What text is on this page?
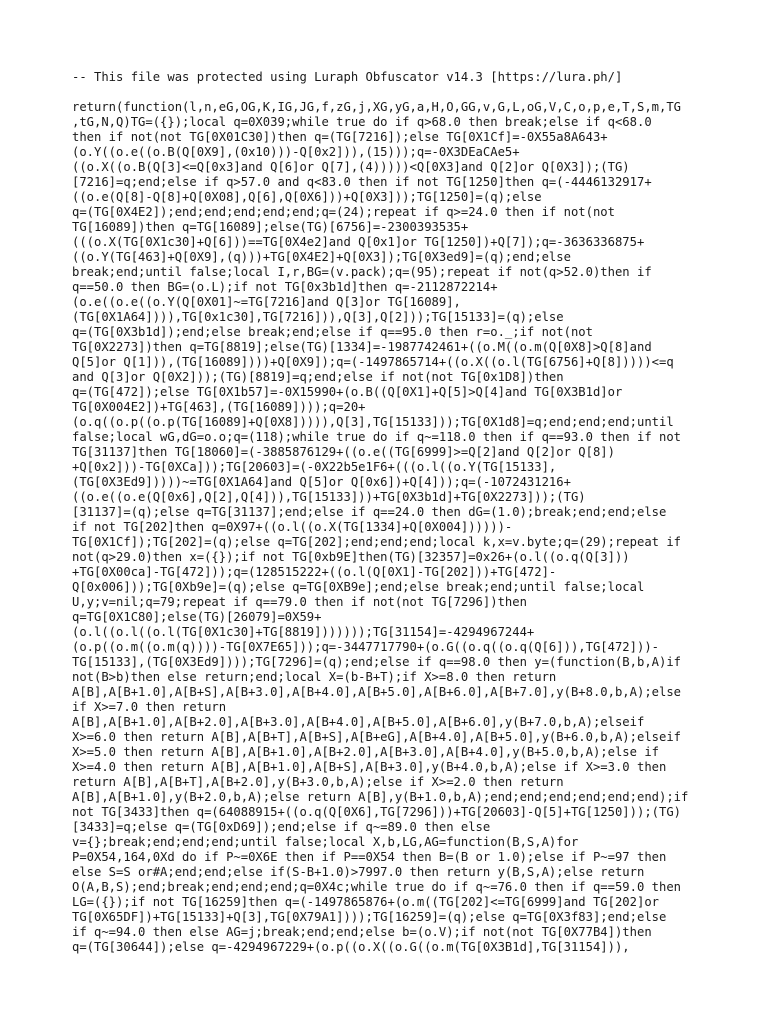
-- This file was protected using Luraph Obfuscator v14.3 [https://lura.ph/]
return(function(l,n,eG,OG,K,IG,JG,f,zG,j,XG,yG,a,H,O,GG,v,G,L,oG,V,C,o,p,e,T,S,m,TG
,tG,N,Q)TG=({});local q=0X039;while true do if q>68.0 then break;else if q<68.0
then if not(not TG[0X01C30])then q=(TG[7216]);else TG[0X1Cf]=-0X55a8A643+
(o.Y((o.e((o.B(Q[0X9],(0x10)))-Q[0x2])),(15)));q=-0X3DEaCAe5+
((o.X((o.B(Q[3]<=Q[0x3]and Q[6]or Q[7],(4)))))<Q[0X3]and Q[2]or Q[0X3]);(TG)
[7216]=q;end;else if q>57.0 and q<83.0 then if not TG[1250]then q=(-4446132917+
((o.e(Q[8]-Q[8]+Q[0X08],Q[6],Q[0X6]))+Q[0X3]));TG[1250]=(q);else
q=(TG[0X4E2]);end;end;end;end;end;q=(24);repeat if q>=24.0 then if not(not
TG[16089])then q=TG[16089];else(TG)[6756]=-2300393535+
(((o.X(TG[0X1c30]+Q[6]))==TG[0X4e2]and Q[0x1]or TG[1250])+Q[7]);q=-3636336875+
((o.Y(TG[463]+Q[0X9],(q)))+TG[0X4E2]+Q[0X3]);TG[0X3ed9]=(q);end;else
break;end;until false;local I,r,BG=(v.pack);q=(95);repeat if not(q>52.0)then if
q==50.0 then BG=(o.L);if not TG[0x3b1d]then q=-2112872214+
(o.e((o.e((o.Y(Q[0X01]~=TG[7216]and Q[3]or TG[16089],
(TG[0X1A64]))),TG[0x1c30],TG[7216])),Q[3],Q[2]));TG[15133]=(q);else
q=(TG[0X3b1d]);end;else break;end;else if q==95.0 then r=o._;if not(not
TG[0X2273])then q=TG[8819];else(TG)[1334]=-1987742461+((o.M((o.m(Q[0X8]>Q[8]and
Q[5]or Q[1])),(TG[16089])))+Q[0X9]);q=(-1497865714+((o.X((o.l(TG[6756]+Q[8]))))<=q
and Q[3]or Q[0X2]));(TG)[8819]=q;end;else if not(not TG[0x1D8])then
q=(TG[472]);else TG[0X1b57]=-0X15990+(o.B((Q[0X1]+Q[5]>Q[4]and TG[0X3B1d]or
TG[0X004E2])+TG[463],(TG[16089])));q=20+
(o.q((o.p((o.p(TG[16089]+Q[0X8])))),Q[3],TG[15133]));TG[0X1d8]=q;end;end;end;until
false;local wG,dG=o.o;q=(118);while true do if q~=118.0 then if q==93.0 then if not
TG[31137]then TG[18060]=(-3885876129+((o.e((TG[6999]>=Q[2]and Q[2]or Q[8])
+Q[0x2]))-TG[0XCa]));TG[20603]=(-0X22b5e1F6+(((o.l((o.Y(TG[15133],
(TG[0X3Ed9]))))~=TG[0X1A64]and Q[5]or Q[0x6])+Q[4]));q=(-1072431216+
((o.e((o.e(Q[0x6],Q[2],Q[4])),TG[15133]))+TG[0X3b1d]+TG[0X2273]));(TG)
[31137]=(q);else q=TG[31137];end;else if q==24.0 then dG=(1.0);break;end;end;else
if not TG[202]then q=0X97+((o.l((o.X(TG[1334]+Q[0X004])))))-
TG[0X1Cf]);TG[202]=(q);else q=TG[202];end;end;end;local k,x=v.byte;q=(29);repeat if
not(q>29.0)then x=({});if not TG[0xb9E]then(TG)[32357]=0x26+(o.l((o.q(Q[3]))
+TG[0X00ca]-TG[472]));q=(128515222+((o.l(Q[0X1]-TG[202]))+TG[472]-
Q[0x006]));TG[0Xb9e]=(q);else q=TG[0XB9e];end;else break;end;until false;local
U,y;v=nil;q=79;repeat if q==79.0 then if not(not TG[7296])then
q=TG[0X1C80];else(TG)[26079]=0X59+
(o.l((o.l((o.l(TG[0X1c30]+TG[8819]))))));TG[31154]=-4294967244+
(o.p((o.m((o.m(q))))-TG[0X7E65]));q=-3447717790+(o.G((o.q((o.q(Q[6])),TG[472]))-
TG[15133],(TG[0X3Ed9])));TG[7296]=(q);end;else if q==98.0 then y=(function(B,b,A)if
not(B>b)then else return;end;local X=(b-B+T);if X>=8.0 then return
A[B],A[B+1.0],A[B+S],A[B+3.0],A[B+4.0],A[B+5.0],A[B+6.0],A[B+7.0],y(B+8.0,b,A);else
if X>=7.0 then return
A[B],A[B+1.0],A[B+2.0],A[B+3.0],A[B+4.0],A[B+5.0],A[B+6.0],y(B+7.0,b,A);elseif
X>=6.0 then return A[B],A[B+T],A[B+S],A[B+eG],A[B+4.0],A[B+5.0],y(B+6.0,b,A);elseif
X>=5.0 then return A[B],A[B+1.0],A[B+2.0],A[B+3.0],A[B+4.0],y(B+5.0,b,A);else if
X>=4.0 then return A[B],A[B+1.0],A[B+S],A[B+3.0],y(B+4.0,b,A);else if X>=3.0 then
return A[B],A[B+T],A[B+2.0],y(B+3.0,b,A);else if X>=2.0 then return
A[B],A[B+1.0],y(B+2.0,b,A);else return A[B],y(B+1.0,b,A);end;end;end;end;end;end);if
not TG[3433]then q=(64088915+((o.q(Q[0X6],TG[7296]))+TG[20603]-Q[5]+TG[1250]));(TG)
[3433]=q;else q=(TG[0xD69]);end;else if q~=89.0 then else
v={};break;end;end;end;until false;local X,b,LG,AG=function(B,S,A)for
P=0X54,164,0Xd do if P~=0X6E then if P==0X54 then B=(B or 1.0);else if P~=97 then
else S=S or#A;end;end;else if(S-B+1.0)>7997.0 then return y(B,S,A);else return
O(A,B,S);end;break;end;end;end;q=0X4c;while true do if q~=76.0 then if q==59.0 then
LG=({});if not TG[16259]then q=(-1497865876+(o.m((TG[202]<=TG[6999]and TG[202]or
TG[0X65DF])+TG[15133]+Q[3],TG[0X79A1])));TG[16259]=(q);else q=TG[0X3f83];end;else
if q~=94.0 then else AG=j;break;end;end;else b=(o.V);if not(not TG[0X77B4])then
q=(TG[30644]);else q=-4294967229+(o.p((o.X((o.G((o.m(TG[0X3B1d],TG[31154])),
